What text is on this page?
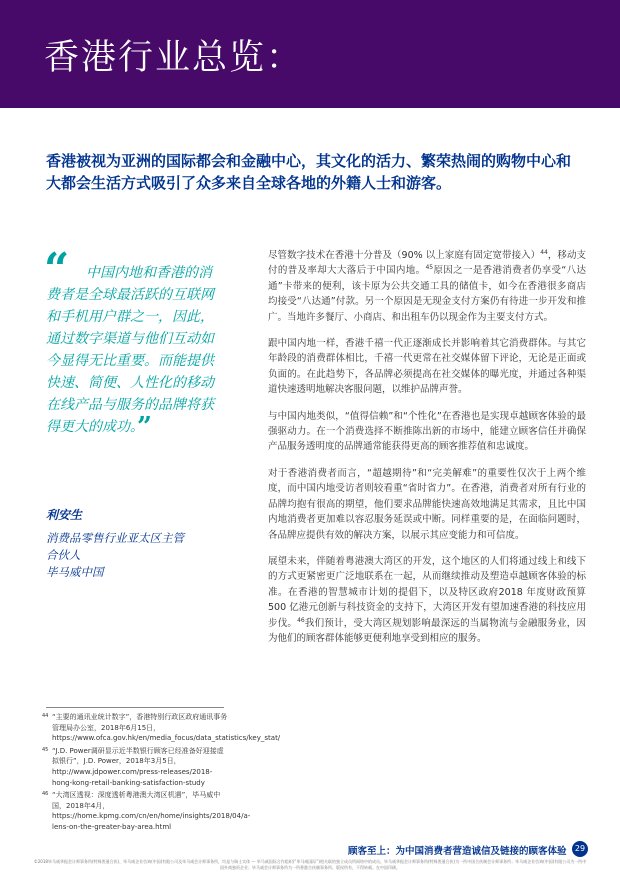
香港行业总览：
香港被视为亚洲的国际都会和金融中心，其文化的活力、繁荣热闹的购物中心和大都会生活方式吸引了众多来自全球各地的外籍人士和游客。
“	中国内地和香港的消费者是全球最活跃的互联网和手机用户群之一，因此，通过数字渠道与他们互动如今显得无比重要。而能提供快速、简便、人性化的移动在线产品与服务的品牌将获得更大的成功。”
利安生
消费品零售行业亚太区主管
合伙人
毕马威中国

尽管数字技术在香港十分普及（90% 以上家庭有固定宽带接入）$^{44}$，移动支付的普及率却大大落后于中国内地。$^{45}$原因之一是香港消费者仍享受“八达通”卡带来的便利，该卡原为公共交通工具的储值卡，如今在香港很多商店均接受“八达通”付款。另一个原因是无现金支付方案仍有待进一步开发和推广。当地许多餐厅、小商店、和出租车仍以现金作为主要支付方式。

跟中国内地一样，香港千禧一代正逐渐成长并影响着其它消费群体。与其它年龄段的消费群体相比，千禧一代更常在社交媒体留下评论，无论是正面或负面的。在此趋势下，各品牌必须提高在社交媒体的曝光度，并通过各种渠道快速透明地解决客服问题，以维护品牌声誉。

与中国内地类似，“值得信赖”和“个性化”在香港也是实现卓越顾客体验的最强驱动力。在一个消费选择不断推陈出新的市场中，能建立顾客信任并确保产品服务透明度的品牌通常能获得更高的顾客推荐值和忠诚度。

对于香港消费者而言，“超越期待”和“完美解难”的重要性仅次于上两个维度，而中国内地受访者则较看重“省时省力”。在香港，消费者对所有行业的品牌均抱有很高的期望，他们要求品牌能快速高效地满足其需求，且比中国内地消费者更加难以容忍服务延误或中断。同样重要的是，在面临问题时，各品牌应提供有效的解决方案，以展示其应变能力和可信度。

展望未来，伴随着粤港澳大湾区的开发，这个地区的人们将通过线上和线下的方式更紧密更广泛地联系在一起，从而继续推动及塑造卓越顾客体验的标准。在香港的智慧城市计划的提倡下，以及特区政府2018 年度财政预算 500 亿港元创新与科技资金的支持下，大湾区开发有望加速香港的科技应用步伐。$^{46}$我们预计，受大湾区规划影响最深远的当属物流与金融服务业，因为他们的顾客群体能够更便利地享受到相应的服务。

44 “主要的通讯业统计数字”，香港特别行政区政府通讯事务管理局办公室，2018年6月15日，https://www.ofca.gov.hk/en/media_focus/data_statistics/key_stat/
45 “J.D. Power调研显示近半数银行顾客已经准备好迎接虚拟银行”，J.D. Power，2018年3月5日，http://www.jdpower.com/press-releases/2018-hong-kong-retail-banking-satisfaction-study
46 “大湾区透视：深度透析粤港澳大湾区机遇”，毕马威中国，2018年4月，https://home.kpmg.com/cn/en/home/insights/2018/04/a-lens-on-the-greater-bay-area.html
顾客至上：为中国消费者营造诚信及链接的顾客体验	29
©2018毕马威华振会计师事务所(特殊普通合伙)、毕马威企业咨询(中国)有限公司及毕马威会计师事务所，均是与瑞士实体 — 毕马威国际合作组织(“毕马威国际”)相关联的独立成员所网络中的成员。毕马威华振会计师事务所(特殊普通合伙)为一所中国合伙制会计师事务所；毕马威企业咨询(中国)有限公司为一所中国外商独资企业；毕马威会计师事务所为一所香港合伙制事务所。版权所有，不得转载。在中国印刷。
